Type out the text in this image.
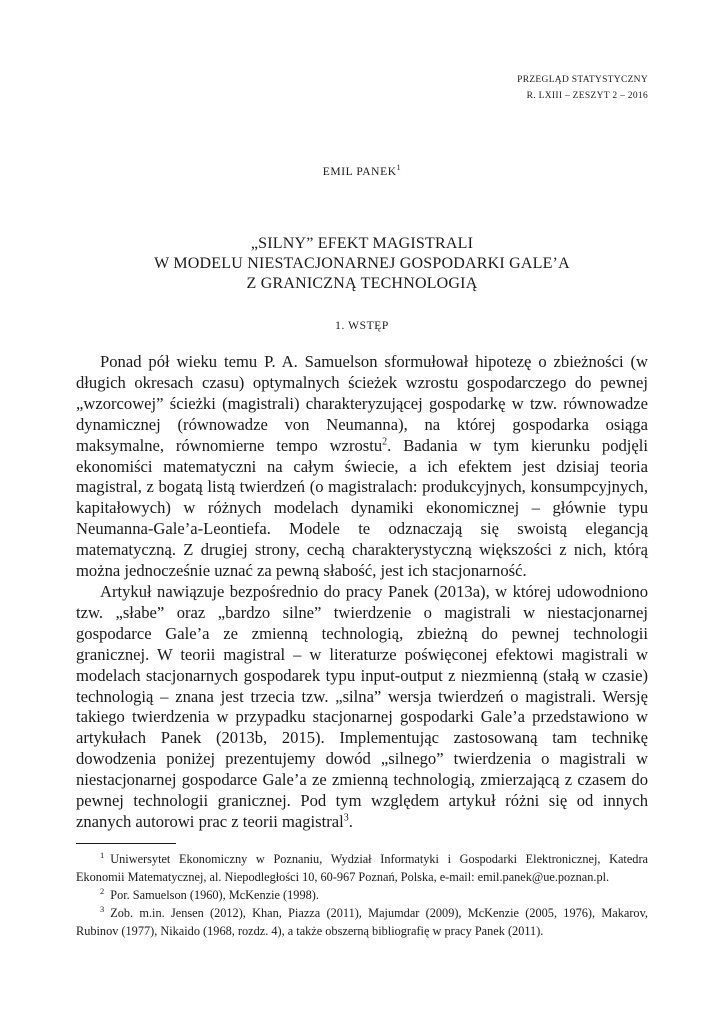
PRZEGLĄD STATYSTYCZNY
R. LXIII – ZESZYT 2 – 2016
EMIL PANEK$^1$
„SILNY” EFEKT MAGISTRALI
W MODELU NIESTACJONARNEJ GOSPODARKI GALE’A
Z GRANICZNĄ TECHNOLOGIĄ
1. WSTĘP

Ponad pół wieku temu P. A. Samuelson sformułował hipotezę o zbieżności (w długich okresach czasu) optymalnych ścieżek wzrostu gospodarczego do pewnej „wzorcowej” ścieżki (magistrali) charakteryzującej gospodarkę w tzw. równowadze dynamicznej (równowadze von Neumanna), na której gospodarka osiąga maksymalne, równomierne tempo wzrostu$^2$. Badania w tym kierunku podjęli ekonomiści matematyczni na całym świecie, a ich efektem jest dzisiaj teoria magistral, z bogatą listą twierdzeń (o magistralach: produkcyjnych, konsumpcyjnych, kapitałowych) w różnych modelach dynamiki ekonomicznej – głównie typu Neumanna-Gale’a-Leontiefa. Modele te odznaczają się swoistą elegancją matematyczną. Z drugiej strony, cechą charakterystyczną większości z nich, którą można jednocześnie uznać za pewną słabość, jest ich stacjonarność.

Artykuł nawiązuje bezpośrednio do pracy Panek (2013a), w której udowodniono tzw. „słabe” oraz „bardzo silne” twierdzenie o magistrali w niestacjonarnej gospodarce Gale’a ze zmienną technologią, zbieżną do pewnej technologii granicznej. W teorii magistral – w literaturze poświęconej efektowi magistrali w modelach stacjonarnych gospodarek typu input-output z niezmienną (stałą w czasie) technologią – znana jest trzecia tzw. „silna” wersja twierdzeń o magistrali. Wersję takiego twierdzenia w przypadku stacjonarnej gospodarki Gale’a przedstawiono w artykułach Panek (2013b, 2015). Implementując zastosowaną tam technikę dowodzenia poniżej prezentujemy dowód „silnego” twierdzenia o magistrali w niestacjonarnej gospodarce Gale’a ze zmienną technologią, zmierzającą z czasem do pewnej technologii granicznej. Pod tym względem artykuł różni się od innych znanych autorowi prac z teorii magistral$^3$.

$^1$ Uniwersytet Ekonomiczny w Poznaniu, Wydział Informatyki i Gospodarki Elektronicznej, Katedra Ekonomii Matematycznej, al. Niepodległości 10, 60-967 Poznań, Polska, e-mail: emil.panek@ue.poznan.pl.

$^2$ Por. Samuelson (1960), McKenzie (1998).

$^3$ Zob. m.in. Jensen (2012), Khan, Piazza (2011), Majumdar (2009), McKenzie (2005, 1976), Makarov, Rubinov (1977), Nikaido (1968, rozdz. 4), a także obszerną bibliografię w pracy Panek (2011).
